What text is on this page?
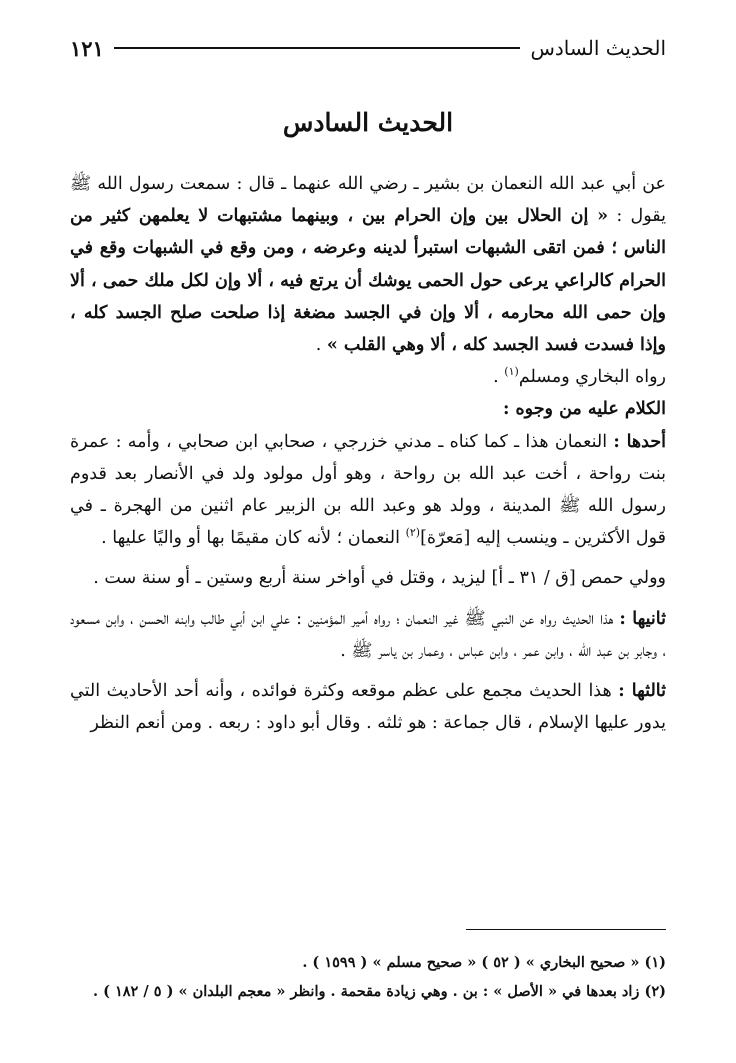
الحديث السادس
١٢١
الحديث السادس

عن أبي عبد الله النعمان بن بشير ـ رضي الله عنهما ـ قال : سمعت رسول الله ﷺ يقول : « إن الحلال بين وإن الحرام بين ، وبينهما مشتبهات لا يعلمهن كثير من الناس ؛ فمن اتقى الشبهات استبرأ لدينه وعرضه ، ومن وقع في الشبهات وقع في الحرام كالراعي يرعى حول الحمى يوشك أن يرتع فيه ، ألا وإن لكل ملك حمى ، ألا وإن حمى الله محارمه ، ألا وإن في الجسد مضغة إذا صلحت صلح الجسد كله ، وإذا فسدت فسد الجسد كله ، ألا وهي القلب » .

رواه البخاري ومسلم$^{(١)}$ .

الكلام عليه من وجوه :

أحدها : النعمان هذا ـ كما كناه ـ مدني خزرجي ، صحابي ابن صحابي ، وأمه : عمرة بنت رواحة ، أخت عبد الله بن رواحة ، وهو أول مولود ولد في الأنصار بعد قدوم رسول الله ﷺ المدينة ، وولد هو وعبد الله بن الزبير عام اثنين من الهجرة ـ في قول الأكثرين ـ وينسب إليه [مَعرّة]$^{(٢)}$ النعمان ؛ لأنه كان مقيمًا بها أو واليًا عليها .

وولي حمص [ق / ٣١ ـ أ] ليزيد ، وقتل في أواخر سنة أربع وستين ـ أو سنة ست .

ثانيها : هذا الحديث رواه عن النبي ﷺ غير النعمان ؛ رواه أمير المؤمنين : علي ابن أبي طالب وابنه الحسن ، وابن مسعود ، وجابر بن عبد الله ، وابن عمر ، وابن عباس ، وعمار بن ياسر ﷺ .

ثالثها : هذا الحديث مجمع على عظم موقعه وكثرة فوائده ، وأنه أحد الأحاديث التي يدور عليها الإسلام ، قال جماعة : هو ثلثه . وقال أبو داود : ربعه . ومن أنعم النظر

(١) « صحيح البخاري » ( ٥٢ ) « صحيح مسلم » ( ١٥٩٩ ) .

(٢) زاد بعدها في « الأصل » : بن . وهي زيادة مقحمة . وانظر « معجم البلدان » ( ٥ / ١٨٢ ) .
